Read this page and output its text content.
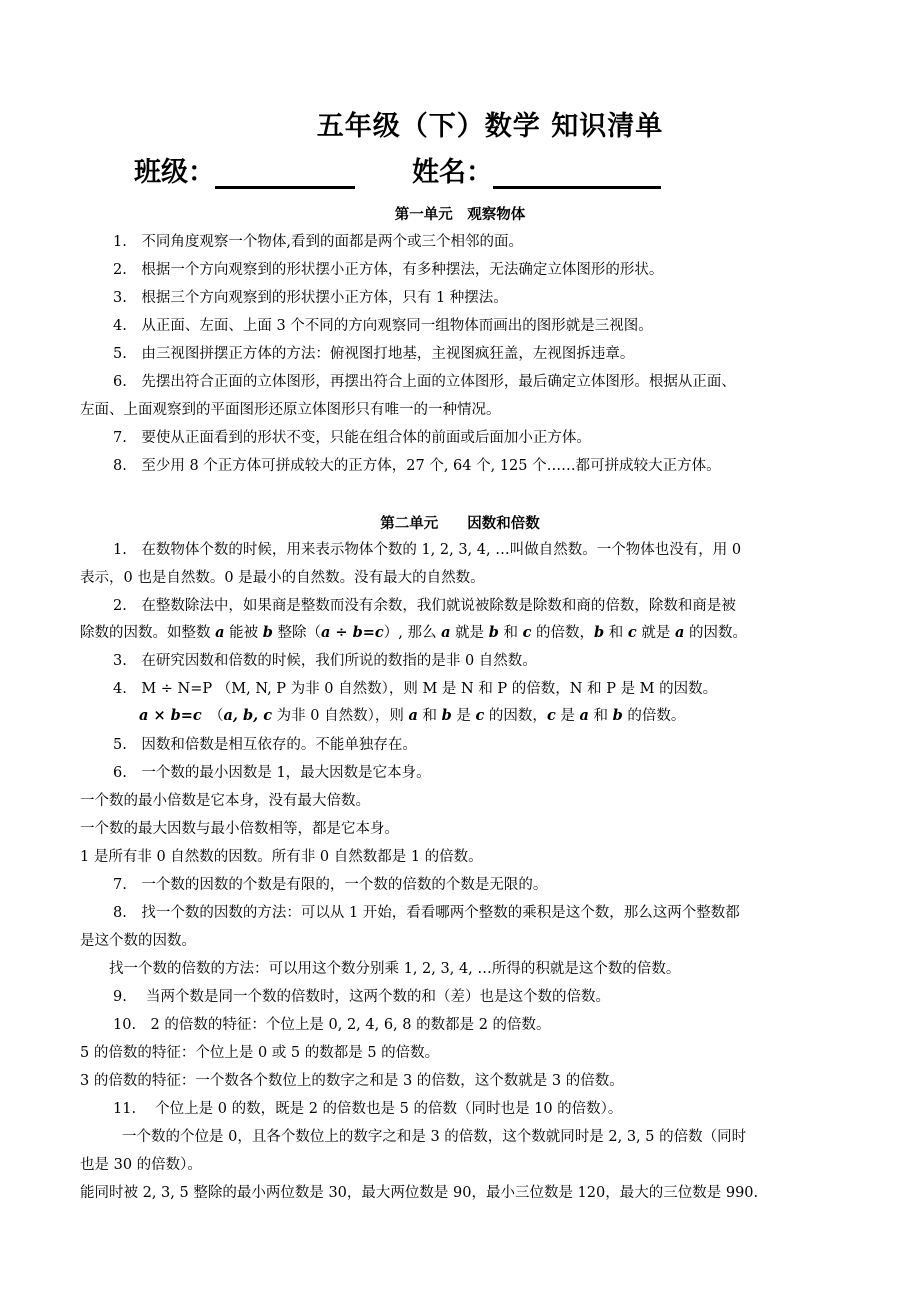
五年级（下）数学 知识清单
班级：	姓名：
第一单元　观察物体
1.　不同角度观察一个物体,看到的面都是两个或三个相邻的面。
2.　根据一个方向观察到的形状摆小正方体，有多种摆法，无法确定立体图形的形状。
3.　根据三个方向观察到的形状摆小正方体，只有 1 种摆法。
4.　从正面、左面、上面 3 个不同的方向观察同一组物体而画出的图形就是三视图。
5.　由三视图拼摆正方体的方法：俯视图打地基，主视图疯狂盖，左视图拆违章。
6.　先摆出符合正面的立体图形，再摆出符合上面的立体图形，最后确定立体图形。根据从正面、
左面、上面观察到的平面图形还原立体图形只有唯一的一种情况。
7.　要使从正面看到的形状不变，只能在组合体的前面或后面加小正方体。
8.　至少用 8 个正方体可拼成较大的正方体，27 个, 64 个, 125 个……都可拼成较大正方体。
第二单元　　因数和倍数
1.　在数物体个数的时候，用来表示物体个数的 1, 2, 3, 4, …叫做自然数。一个物体也没有，用 0
表示，0 也是自然数。0 是最小的自然数。没有最大的自然数。
2.　在整数除法中，如果商是整数而没有余数，我们就说被除数是除数和商的倍数，除数和商是被
除数的因数。如整数 a 能被 b 整除（a ÷ b=c）, 那么 a 就是 b 和 c 的倍数，b 和 c 就是 a 的因数。
3.　在研究因数和倍数的时候，我们所说的数指的是非 0 自然数。
4.　M ÷ N=P （M, N, P 为非 0 自然数），则 M 是 N 和 P 的倍数，N 和 P 是 M 的因数。
a × b=c　（a, b, c 为非 0 自然数），则 a 和 b 是 c 的因数，c 是 a 和 b 的倍数。
5.　因数和倍数是相互依存的。不能单独存在。
6.　一个数的最小因数是 1，最大因数是它本身。
一个数的最小倍数是它本身，没有最大倍数。
一个数的最大因数与最小倍数相等，都是它本身。
1 是所有非 0 自然数的因数。所有非 0 自然数都是 1 的倍数。
7.　一个数的因数的个数是有限的，一个数的倍数的个数是无限的。
8.　找一个数的因数的方法：可以从 1 开始，看看哪两个整数的乘积是这个数，那么这两个整数都
是这个数的因数。
找一个数的倍数的方法：可以用这个数分别乘 1, 2, 3, 4, …所得的积就是这个数的倍数。
9.　 当两个数是同一个数的倍数时，这两个数的和（差）也是这个数的倍数。
10.　2 的倍数的特征：个位上是 0, 2, 4, 6, 8 的数都是 2 的倍数。
5 的倍数的特征：个位上是 0 或 5 的数都是 5 的倍数。
3 的倍数的特征：一个数各个数位上的数字之和是 3 的倍数，这个数就是 3 的倍数。
11.　 个位上是 0 的数，既是 2 的倍数也是 5 的倍数（同时也是 10 的倍数）。
一个数的个位是 0，且各个数位上的数字之和是 3 的倍数，这个数就同时是 2, 3, 5 的倍数（同时
也是 30 的倍数）。
能同时被 2, 3, 5 整除的最小两位数是 30，最大两位数是 90，最小三位数是 120，最大的三位数是 990.
